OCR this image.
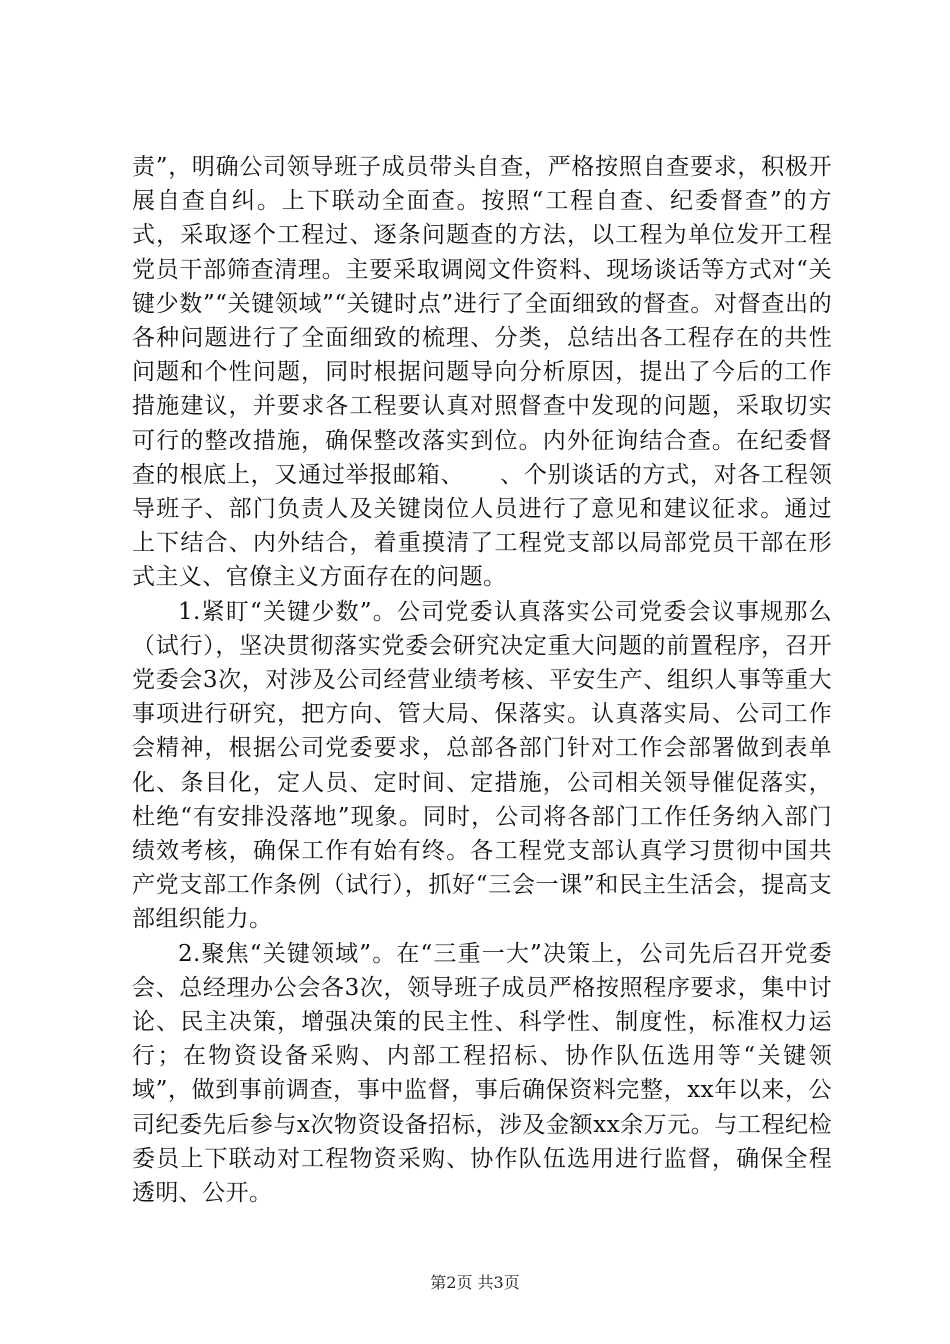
责”，明确公司领导班子成员带头自查，严格按照自查要求，积极开展自查自纠。上下联动全面查。按照“工程自查、纪委督查”的方式，采取逐个工程过、逐条问题查的方法，以工程为单位发开工程党员干部筛查清理。主要采取调阅文件资料、现场谈话等方式对“关键少数”“关键领域”“关键时点”进行了全面细致的督查。对督查出的各种问题进行了全面细致的梳理、分类，总结出各工程存在的共性问题和个性问题，同时根据问题导向分析原因，提出了今后的工作措施建议，并要求各工程要认真对照督查中发现的问题，采取切实可行的整改措施，确保整改落实到位。内外征询结合查。在纪委督查的根底上，又通过举报邮箱、　　、个别谈话的方式，对各工程领导班子、部门负责人及关键岗位人员进行了意见和建议征求。通过上下结合、内外结合，着重摸清了工程党支部以局部党员干部在形式主义、官僚主义方面存在的问题。

1.紧盯“关键少数”。公司党委认真落实公司党委会议事规那么（试行），坚决贯彻落实党委会研究决定重大问题的前置程序，召开党委会3次，对涉及公司经营业绩考核、平安生产、组织人事等重大事项进行研究，把方向、管大局、保落实。认真落实局、公司工作会精神，根据公司党委要求，总部各部门针对工作会部署做到表单化、条目化，定人员、定时间、定措施，公司相关领导催促落实，杜绝“有安排没落地”现象。同时，公司将各部门工作任务纳入部门绩效考核，确保工作有始有终。各工程党支部认真学习贯彻中国共产党支部工作条例（试行），抓好“三会一课”和民主生活会，提高支部组织能力。

2.聚焦“关键领域”。在“三重一大”决策上，公司先后召开党委会、总经理办公会各3次，领导班子成员严格按照程序要求，集中讨论、民主决策，增强决策的民主性、科学性、制度性，标准权力运行；在物资设备采购、内部工程招标、协作队伍选用等“关键领域”，做到事前调查，事中监督，事后确保资料完整，xx年以来，公司纪委先后参与x次物资设备招标，涉及金额xx余万元。与工程纪检委员上下联动对工程物资采购、协作队伍选用进行监督，确保全程透明、公开。

第2页 共3页
